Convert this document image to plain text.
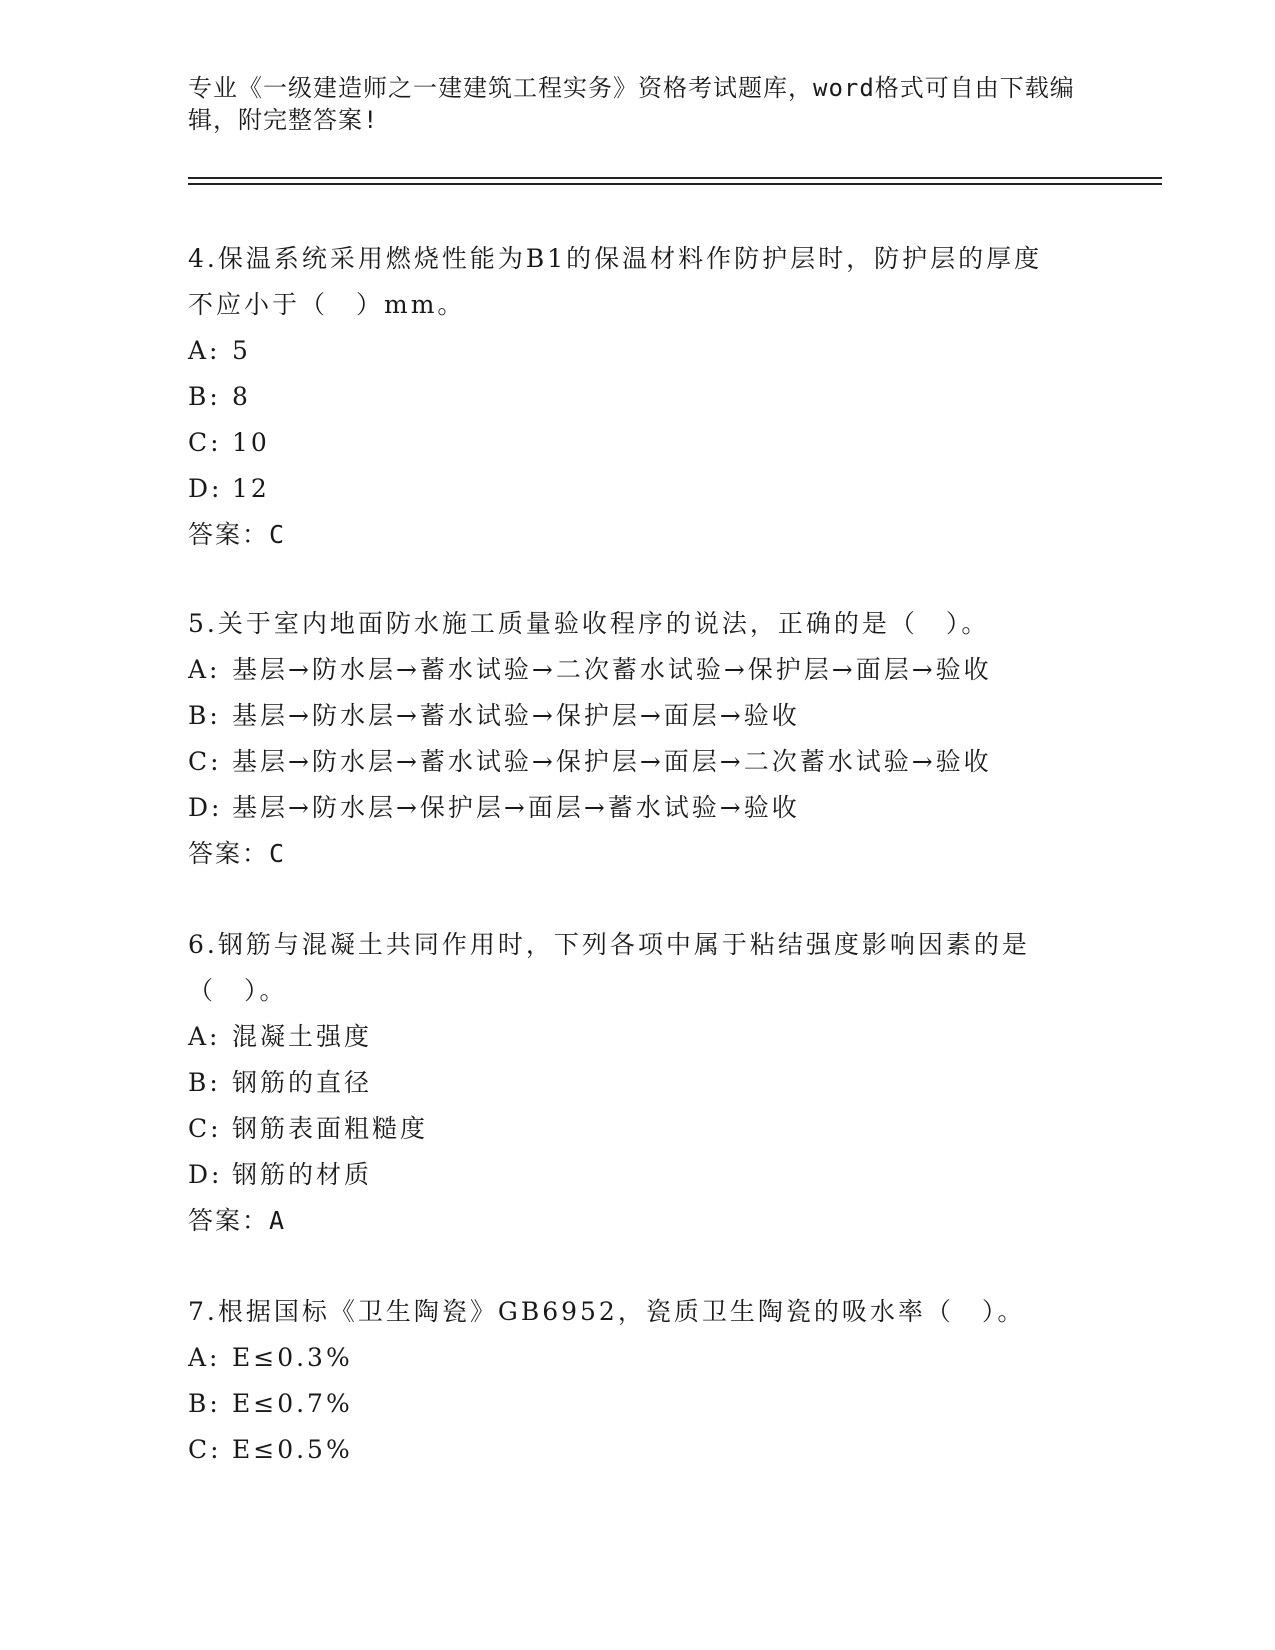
专业《一级建造师之一建建筑工程实务》资格考试题库，word格式可自由下载编
辑，附完整答案!

4.保温系统采用燃烧性能为B1的保温材料作防护层时，防护层的厚度

不应小于（　）mm。

A: 5

B: 8

C: 10

D: 12

答案：C

5.关于室内地面防水施工质量验收程序的说法，正确的是（　）。

A: 基层→防水层→蓄水试验→二次蓄水试验→保护层→面层→验收

B: 基层→防水层→蓄水试验→保护层→面层→验收

C: 基层→防水层→蓄水试验→保护层→面层→二次蓄水试验→验收

D: 基层→防水层→保护层→面层→蓄水试验→验收

答案：C

6.钢筋与混凝土共同作用时，下列各项中属于粘结强度影响因素的是

（　）。

A: 混凝土强度

B: 钢筋的直径

C: 钢筋表面粗糙度

D: 钢筋的材质

答案：A

7.根据国标《卫生陶瓷》GB6952，瓷质卫生陶瓷的吸水率（　）。

A: E≤0.3%

B: E≤0.7%

C: E≤0.5%
